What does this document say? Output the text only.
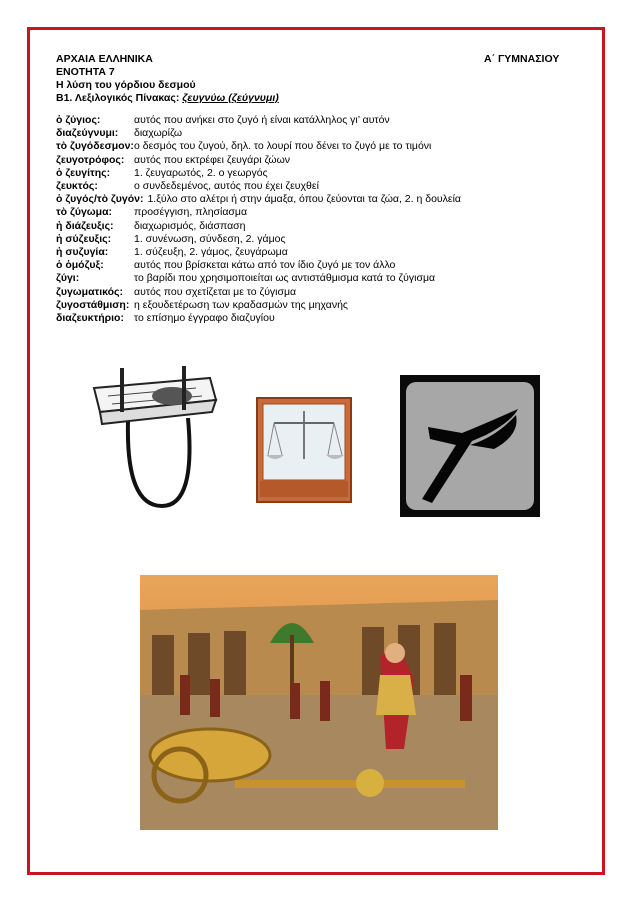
ΑΡΧΑΙΑ ΕΛΛΗΝΙΚΑ	Α΄ ΓΥΜΝΑΣΙΟΥ
ΕΝΟΤΗΤΑ 7
Η λύση του γόρδιου δεσμού
Β1. Λεξιλογικός Πίνακας: ζευγνύω (ζεύγνυμι)
ὁ ζύγιος:	αυτός που ανήκει στο ζυγό ή είναι κατάλληλος γι’ αυτόν
διαζεύγνυμι:	διαχωρίζω
τὸ ζυγόδεσμον: ο δεσμός του ζυγού, δηλ. το λουρί που δένει το ζυγό με το τιμόνι
ζευγοτρόφος: αυτός που εκτρέφει ζευγάρι ζώων
ὁ ζευγίτης:	1. ζευγαρωτός, 2. ο γεωργός
ζευκτός:	ο συνδεδεμένος, αυτός που έχει ζευχθεί
ὁ ζυγός/τὸ ζυγόν: 1.ξύλο στο αλέτρι ή στην άμαξα, όπου ζεύονται τα ζώα, 2. η δουλεία
τὸ ζύγωμα:	προσέγγιση, πλησίασμα
ἡ διάζευξις:	διαχωρισμός, διάσπαση
ἡ σύζευξις:	1. συνένωση, σύνδεση, 2. γάμος
ἡ συζυγία:	1. σύζευξη, 2. γάμος, ζευγάρωμα
ὁ ὁμόζυξ:	αυτός που βρίσκεται κάτω από τον ίδιο ζυγό με τον άλλο
ζύγι:	το βαρίδι που χρησιμοποιείται ως αντιστάθμισμα κατά το ζύγισμα
ζυγωματικός:	αυτός που σχετίζεται με το ζύγισμα
ζυγοστάθμιση: η εξουδετέρωση των κραδασμών της μηχανής
διαζευκτήριο: το επίσημο έγγραφο διαζυγίου
